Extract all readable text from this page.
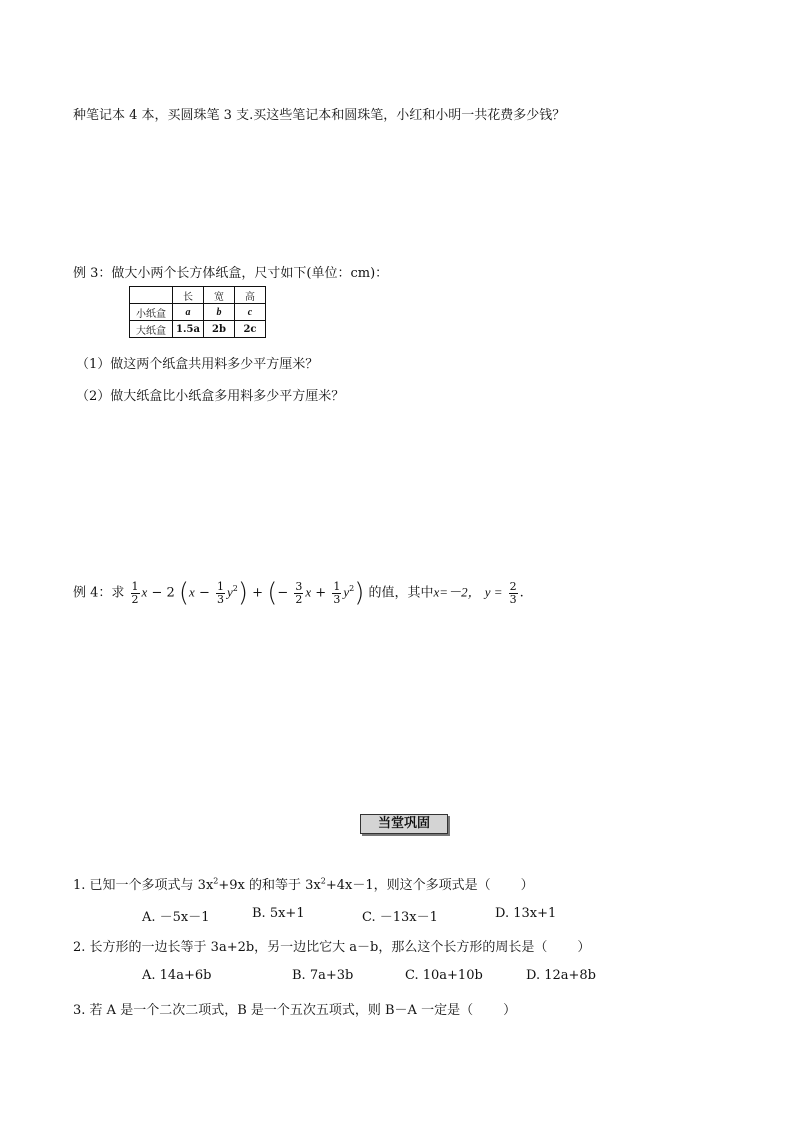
种笔记本 4 本，买圆珠笔 3 支.买这些笔记本和圆珠笔，小红和小明一共花费多少钱？
例 3：做大小两个长方体纸盒，尺寸如下(单位：cm)：
	长	宽	高
小纸盒	a	b	c
大纸盒	1.5a	2b	2c
（1）做这两个纸盒共用料多少平方厘米？
（2）做大纸盒比小纸盒多用料多少平方厘米？
例 4：求 $\frac{1}{2}$ x − 2 $(x - \frac{1}{3} y^2)$ + (− $\frac{3}{2}$ $x + \frac{1}{3} y^2$) 的值，其中x=－2， $y = \frac{2}{3}$ .
当堂巩固
1. 已知一个多项式与 $3x^2+9x$ 的和等于 $3x^2+4x-1$，则这个多项式是（ ）
A. －5x－1	B. 5x+1	C. －13x－1	D. 13x+1
2. 长方形的一边长等于 3a+2b，另一边比它大 a－b，那么这个长方形的周长是（ ）
A. 14a+6b	B. 7a+3b	C. 10a+10b	D. 12a+8b
3. 若 A 是一个二次二项式，B 是一个五次五项式，则 B－A 一定是（ ）
